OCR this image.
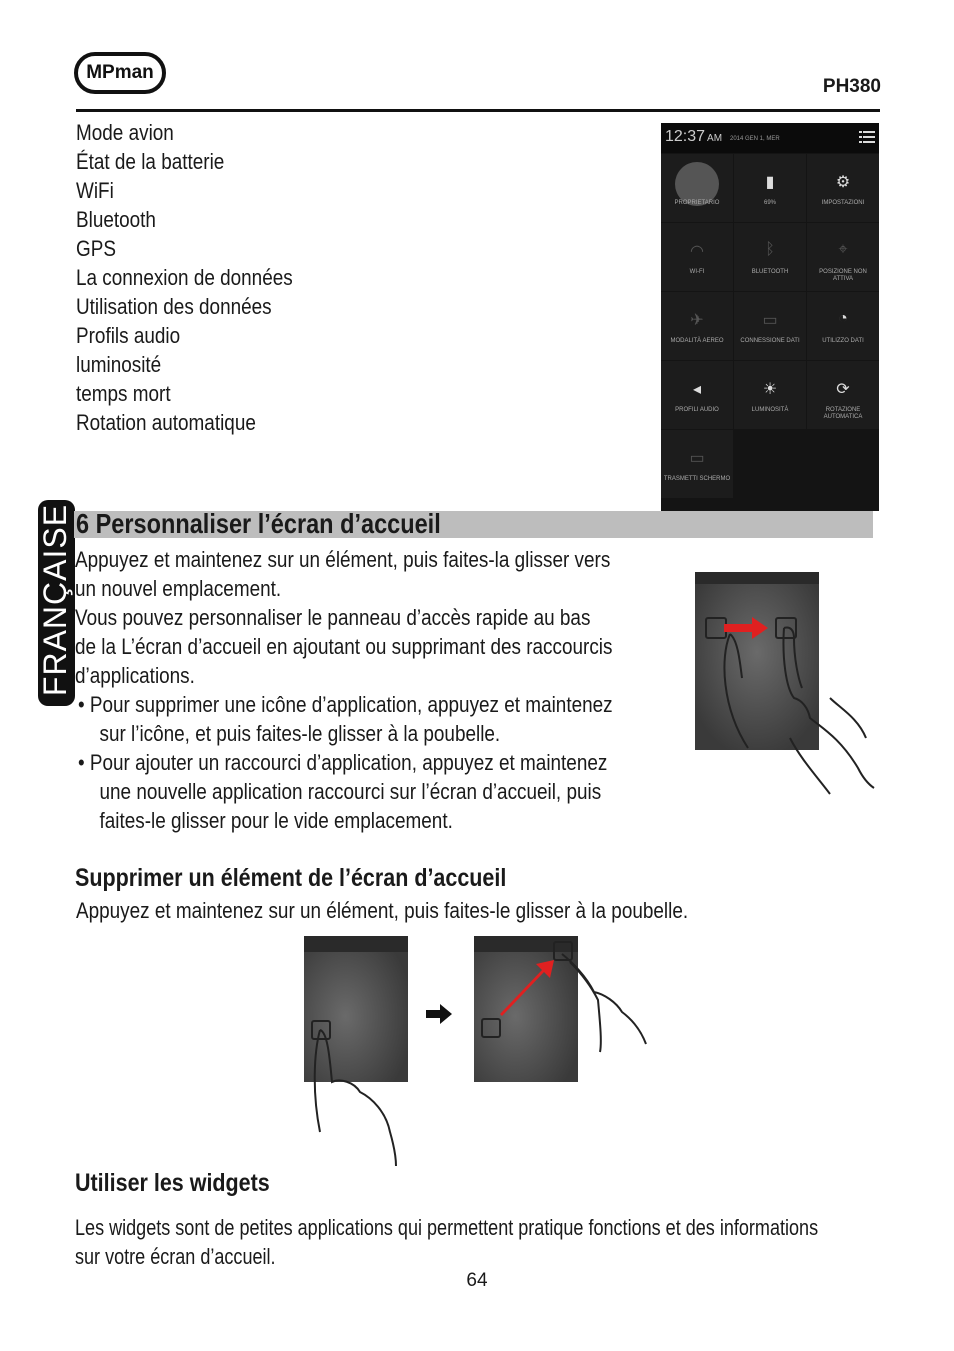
MPman
PH380
Mode avion
État de la batterie
WiFi
Bluetooth
GPS
La connexion de données
Utilisation des données
Profils audio
luminosité
temps mort
Rotation automatique
12:37 AM 2014 GEN 1, MER
PROPRIETARIO
▮
69%
⚙
IMPOSTAZIONI
◠
WI-FI
ᛒ
BLUETOOTH
⌖
POSIZIONE NON ATTIVA
✈
MODALITÀ AEREO
▭
CONNESSIONE DATI
◔
UTILIZZO DATI
◂
PROFILI AUDIO
☀
LUMINOSITÀ
⟳
ROTAZIONE AUTOMATICA
▭
TRASMETTI SCHERMO
FRANÇAISE 6 Personnaliser l’écran d’accueil
Appuyez et maintenez sur un élément, puis faites-la glisser vers
un nouvel emplacement.
Vous pouvez personnaliser le panneau d’accès rapide au bas
de la L’écran d’accueil en ajoutant ou supprimant des raccourcis
d’applications.
• Pour supprimer une icône d’application, appuyez et maintenez
sur l’icône, et puis faites-le glisser à la poubelle.
• Pour ajouter un raccourci d’application, appuyez et maintenez
une nouvelle application raccourci sur l’écran d’accueil, puis
faites-le glisser pour le vide emplacement.
Supprimer un élément de l’écran d’accueil
Appuyez et maintenez sur un élément, puis faites-le glisser à la poubelle.
Utiliser les widgets
Les widgets sont de petites applications qui permettent pratique fonctions et des informations
sur votre écran d’accueil.
64
